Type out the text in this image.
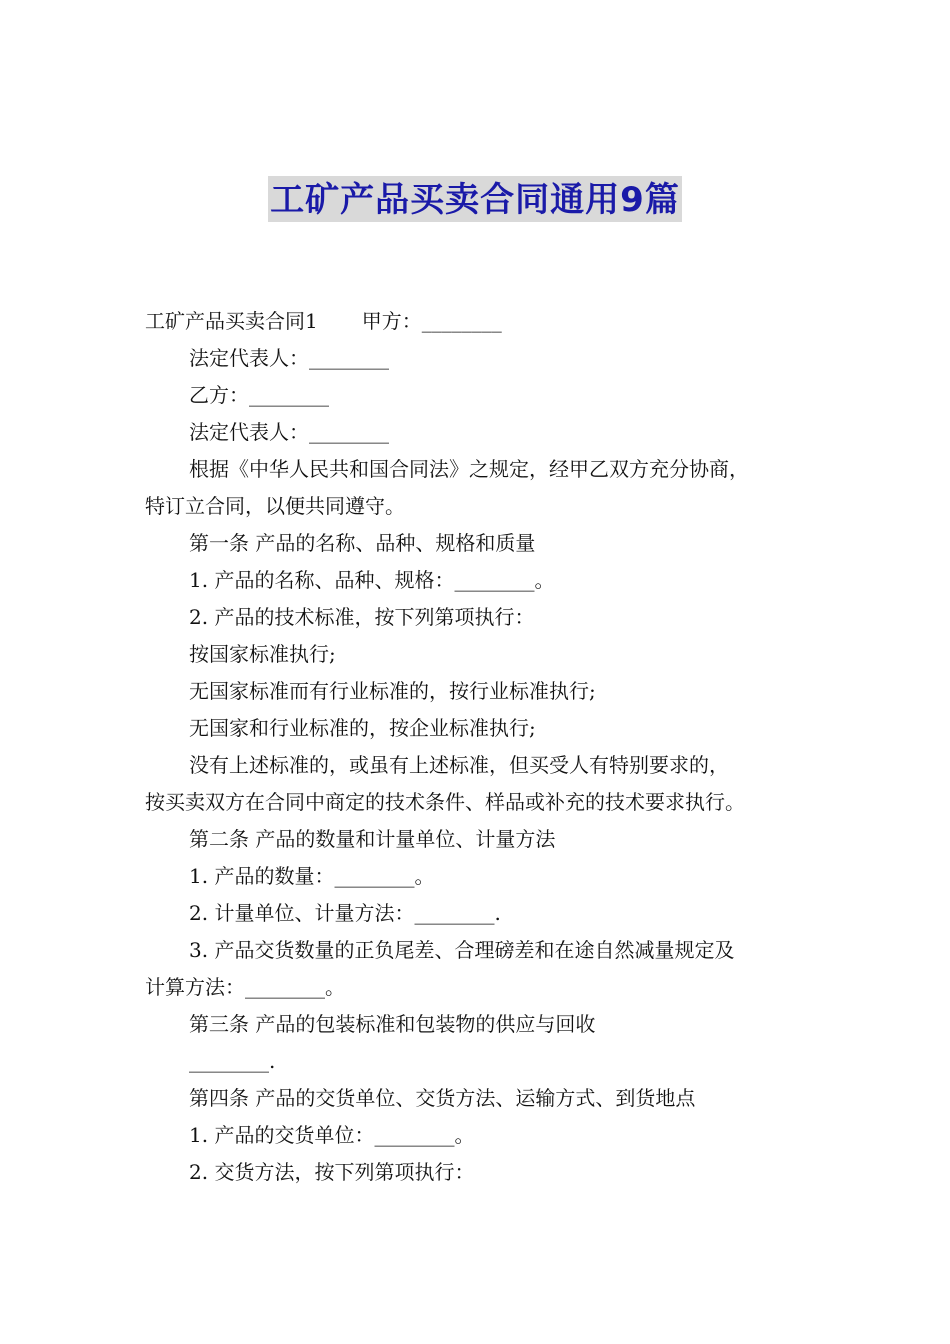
工矿产品买卖合同通用9篇
工矿产品买卖合同1 甲方：________
法定代表人：________
乙方：________
法定代表人：________
根据《中华人民共和国合同法》之规定，经甲乙双方充分协商，
特订立合同，以便共同遵守。
第一条 产品的名称、品种、规格和质量
1. 产品的名称、品种、规格：________。
2. 产品的技术标准，按下列第项执行：
按国家标准执行;
无国家标准而有行业标准的，按行业标准执行;
无国家和行业标准的，按企业标准执行;
没有上述标准的，或虽有上述标准，但买受人有特别要求的，
按买卖双方在合同中商定的技术条件、样品或补充的技术要求执行。
第二条 产品的数量和计量单位、计量方法
1. 产品的数量：________。
2. 计量单位、计量方法：________.
3. 产品交货数量的正负尾差、合理磅差和在途自然减量规定及
计算方法：________。
第三条 产品的包装标准和包装物的供应与回收
________.
第四条 产品的交货单位、交货方法、运输方式、到货地点
1. 产品的交货单位：________。
2. 交货方法，按下列第项执行：
